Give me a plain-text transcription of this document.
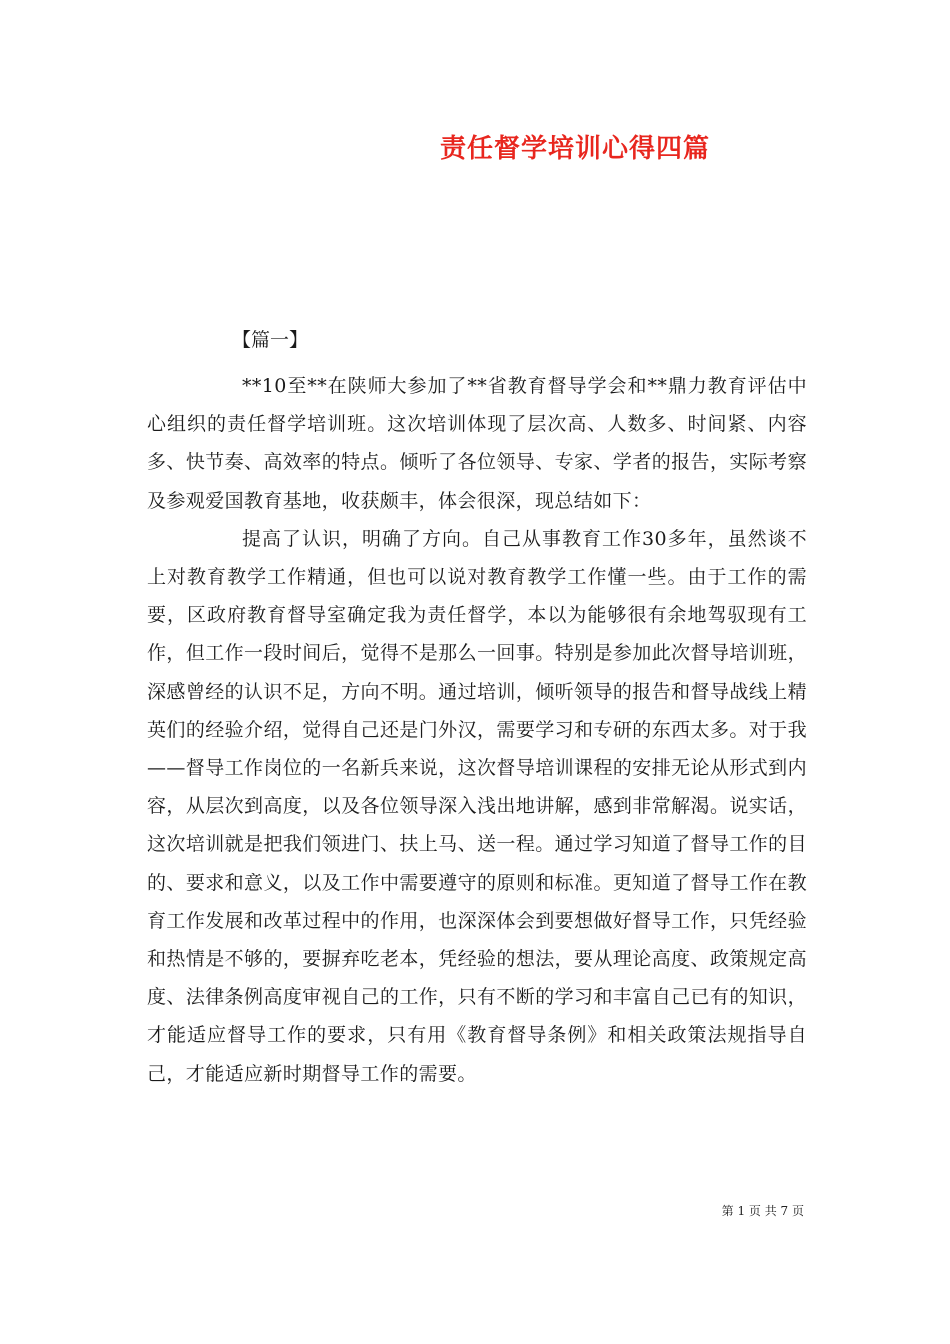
责任督学培训心得四篇
【篇一】

**10至**在陕师大参加了**省教育督导学会和**鼎力教育评估中心组织的责任督学培训班。这次培训体现了层次高、人数多、时间紧、内容多、快节奏、高效率的特点。倾听了各位领导、专家、学者的报告，实际考察及参观爱国教育基地，收获颇丰，体会很深，现总结如下：

提高了认识，明确了方向。自己从事教育工作30多年，虽然谈不上对教育教学工作精通，但也可以说对教育教学工作懂一些。由于工作的需要，区政府教育督导室确定我为责任督学，本以为能够很有余地驾驭现有工作，但工作一段时间后，觉得不是那么一回事。特别是参加此次督导培训班，深感曾经的认识不足，方向不明。通过培训，倾听领导的报告和督导战线上精英们的经验介绍，觉得自己还是门外汉，需要学习和专研的东西太多。对于我——督导工作岗位的一名新兵来说，这次督导培训课程的安排无论从形式到内容，从层次到高度，以及各位领导深入浅出地讲解，感到非常解渴。说实话，这次培训就是把我们领进门、扶上马、送一程。通过学习知道了督导工作的目的、要求和意义，以及工作中需要遵守的原则和标准。更知道了督导工作在教育工作发展和改革过程中的作用，也深深体会到要想做好督导工作，只凭经验和热情是不够的，要摒弃吃老本，凭经验的想法，要从理论高度、政策规定高度、法律条例高度审视自己的工作，只有不断的学习和丰富自己已有的知识，才能适应督导工作的要求，只有用《教育督导条例》和相关政策法规指导自己，才能适应新时期督导工作的需要。

第 1 页 共 7 页
